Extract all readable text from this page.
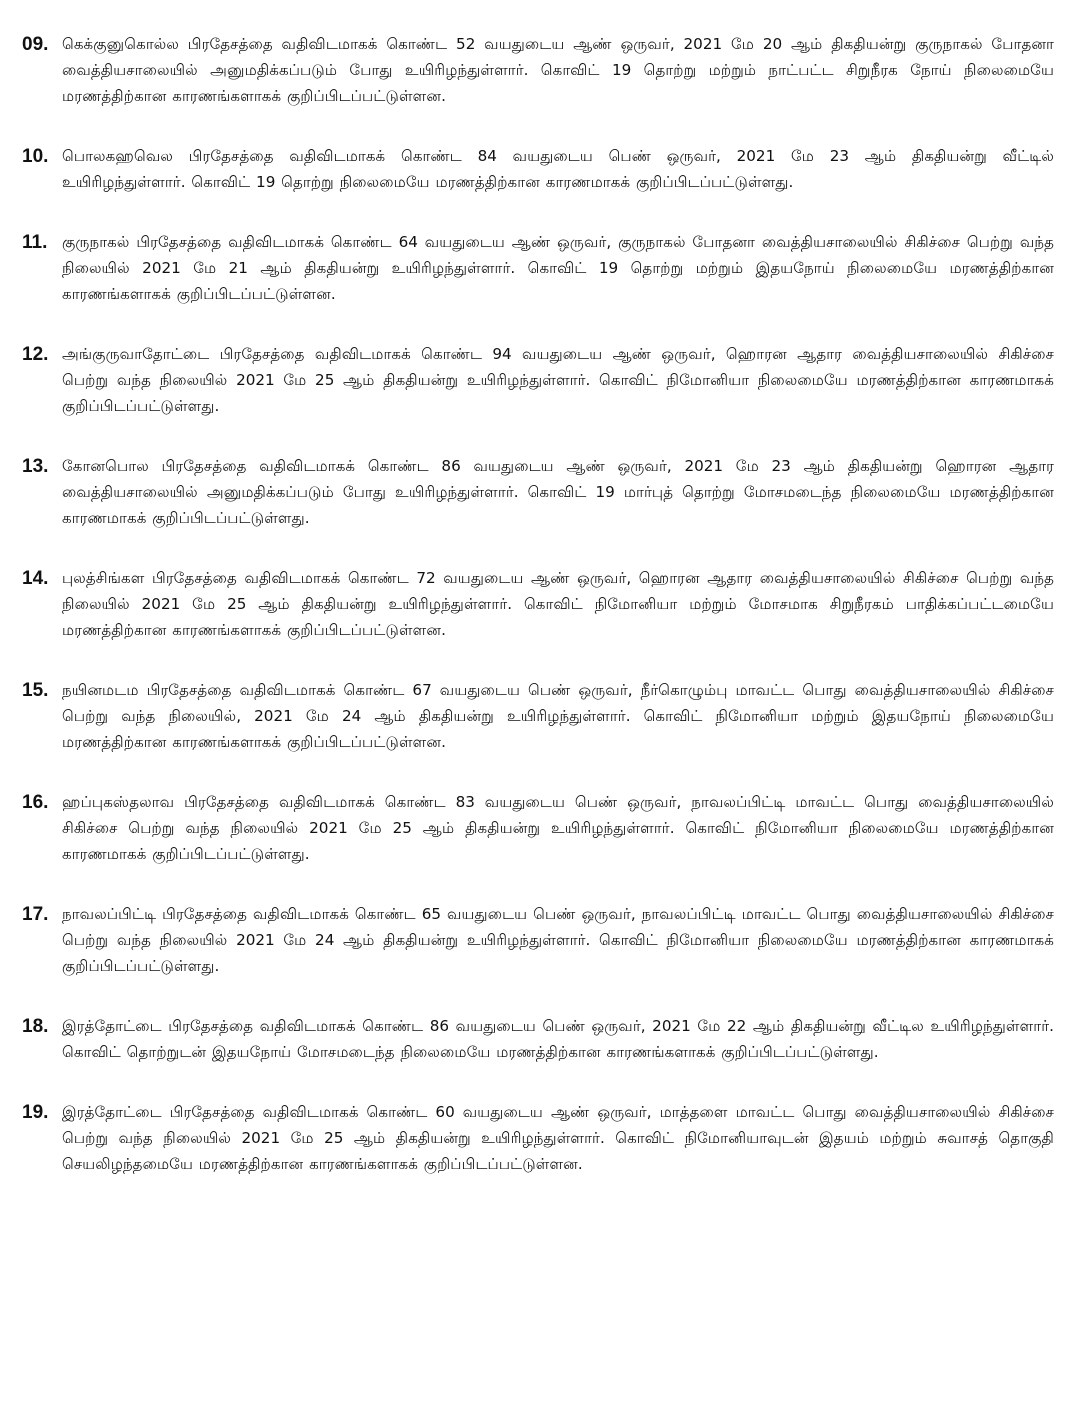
09. கெக்குனுகொல்ல பிரதேசத்தை வதிவிடமாகக் கொண்ட 52 வயதுடைய ஆண் ஒருவர், 2021 மே 20 ஆம் திகதியன்று குருநாகல் போதனா வைத்தியசாலையில் அனுமதிக்கப்படும் போது உயிரிழந்துள்ளார். கொவிட் 19 தொற்று மற்றும் நாட்பட்ட சிறுநீரக நோய் நிலைமையே மரணத்திற்கான காரணங்களாகக் குறிப்பிடப்பட்டுள்ளன.
10. பொலகஹவெல பிரதேசத்தை வதிவிடமாகக் கொண்ட 84 வயதுடைய பெண் ஒருவர், 2021 மே 23 ஆம் திகதியன்று வீட்டில் உயிரிழந்துள்ளார். கொவிட் 19 தொற்று நிலைமையே மரணத்திற்கான காரணமாகக் குறிப்பிடப்பட்டுள்ளது.
11. குருநாகல் பிரதேசத்தை வதிவிடமாகக் கொண்ட 64 வயதுடைய ஆண் ஒருவர், குருநாகல் போதனா வைத்தியசாலையில் சிகிச்சை பெற்று வந்த நிலையில் 2021 மே 21 ஆம் திகதியன்று உயிரிழந்துள்ளார். கொவிட் 19 தொற்று மற்றும் இதயநோய் நிலைமையே மரணத்திற்கான காரணங்களாகக் குறிப்பிடப்பட்டுள்ளன.
12. அங்குருவாதோட்டை பிரதேசத்தை வதிவிடமாகக் கொண்ட 94 வயதுடைய ஆண் ஒருவர், ஹொரன ஆதார வைத்தியசாலையில் சிகிச்சை பெற்று வந்த நிலையில் 2021 மே 25 ஆம் திகதியன்று உயிரிழந்துள்ளார். கொவிட் நிமோனியா நிலைமையே மரணத்திற்கான காரணமாகக் குறிப்பிடப்பட்டுள்ளது.
13. கோனபொல பிரதேசத்தை வதிவிடமாகக் கொண்ட 86 வயதுடைய ஆண் ஒருவர், 2021 மே 23 ஆம் திகதியன்று ஹொரன ஆதார வைத்தியசாலையில் அனுமதிக்கப்படும் போது உயிரிழந்துள்ளார். கொவிட் 19 மார்புத் தொற்று மோசமடைந்த நிலைமையே மரணத்திற்கான காரணமாகக் குறிப்பிடப்பட்டுள்ளது.
14. புலத்சிங்கள பிரதேசத்தை வதிவிடமாகக் கொண்ட 72 வயதுடைய ஆண் ஒருவர், ஹொரன ஆதார வைத்தியசாலையில் சிகிச்சை பெற்று வந்த நிலையில் 2021 மே 25 ஆம் திகதியன்று உயிரிழந்துள்ளார். கொவிட் நிமோனியா மற்றும் மோசமாக சிறுநீரகம் பாதிக்கப்பட்டமையே மரணத்திற்கான காரணங்களாகக் குறிப்பிடப்பட்டுள்ளன.
15. நயினமடம பிரதேசத்தை வதிவிடமாகக் கொண்ட 67 வயதுடைய பெண் ஒருவர், நீர்கொழும்பு மாவட்ட பொது வைத்தியசாலையில் சிகிச்சை பெற்று வந்த நிலையில், 2021 மே 24 ஆம் திகதியன்று உயிரிழந்துள்ளார். கொவிட் நிமோனியா மற்றும் இதயநோய் நிலைமையே மரணத்திற்கான காரணங்களாகக் குறிப்பிடப்பட்டுள்ளன.
16. ஹப்புகஸ்தலாவ பிரதேசத்தை வதிவிடமாகக் கொண்ட 83 வயதுடைய பெண் ஒருவர், நாவலப்பிட்டி மாவட்ட பொது வைத்தியசாலையில் சிகிச்சை பெற்று வந்த நிலையில் 2021 மே 25 ஆம் திகதியன்று உயிரிழந்துள்ளார். கொவிட் நிமோனியா நிலைமையே மரணத்திற்கான காரணமாகக் குறிப்பிடப்பட்டுள்ளது.
17. நாவலப்பிட்டி பிரதேசத்தை வதிவிடமாகக் கொண்ட 65 வயதுடைய பெண் ஒருவர், நாவலப்பிட்டி மாவட்ட பொது வைத்தியசாலையில் சிகிச்சை பெற்று வந்த நிலையில் 2021 மே 24 ஆம் திகதியன்று உயிரிழந்துள்ளார். கொவிட் நிமோனியா நிலைமையே மரணத்திற்கான காரணமாகக் குறிப்பிடப்பட்டுள்ளது.
18. இரத்தோட்டை பிரதேசத்தை வதிவிடமாகக் கொண்ட 86 வயதுடைய பெண் ஒருவர், 2021 மே 22 ஆம் திகதியன்று வீட்டில உயிரிழந்துள்ளார். கொவிட் தொற்றுடன் இதயநோய் மோசமடைந்த நிலைமையே மரணத்திற்கான காரணங்களாகக் குறிப்பிடப்பட்டுள்ளது.
19. இரத்தோட்டை பிரதேசத்தை வதிவிடமாகக் கொண்ட 60 வயதுடைய ஆண் ஒருவர், மாத்தளை மாவட்ட பொது வைத்தியசாலையில் சிகிச்சை பெற்று வந்த நிலையில் 2021 மே 25 ஆம் திகதியன்று உயிரிழந்துள்ளார். கொவிட் நிமோனியாவுடன் இதயம் மற்றும் சுவாசத் தொகுதி செயலிழந்தமையே மரணத்திற்கான காரணங்களாகக் குறிப்பிடப்பட்டுள்ளன.
